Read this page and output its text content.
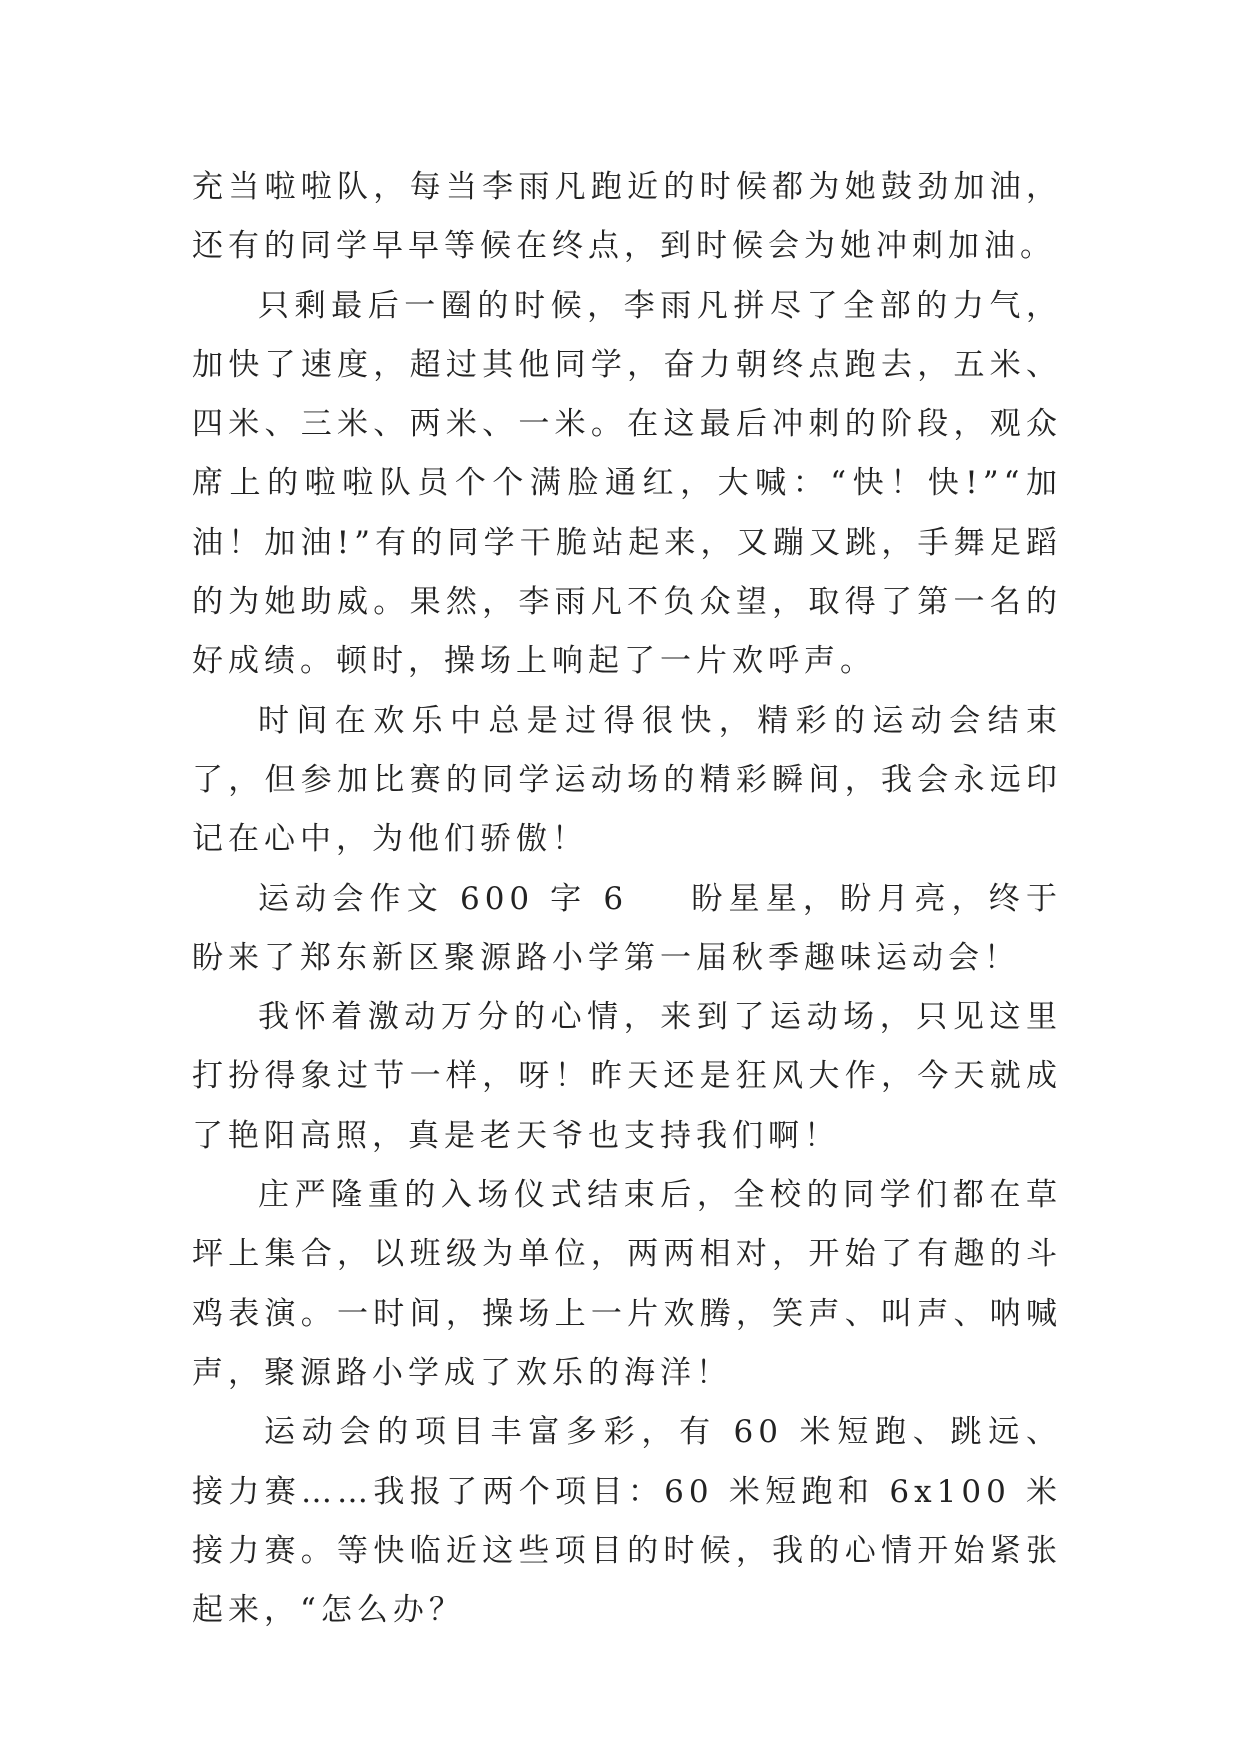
充当啦啦队，每当李雨凡跑近的时候都为她鼓劲加油，还有的同学早早等候在终点，到时候会为她冲刺加油。

只剩最后一圈的时候，李雨凡拼尽了全部的力气，加快了速度，超过其他同学，奋力朝终点跑去，五米、四米、三米、两米、一米。在这最后冲刺的阶段，观众席上的啦啦队员个个满脸通红，大喊：“快！快!”“加油！加油!”有的同学干脆站起来，又蹦又跳，手舞足蹈的为她助威。果然，李雨凡不负众望，取得了第一名的好成绩。顿时，操场上响起了一片欢呼声。

时间在欢乐中总是过得很快，精彩的运动会结束了，但参加比赛的同学运动场的精彩瞬间，我会永远印记在心中，为他们骄傲！

运动会作文 600 字 6 盼星星，盼月亮，终于盼来了郑东新区聚源路小学第一届秋季趣味运动会！

我怀着激动万分的心情，来到了运动场，只见这里打扮得象过节一样，呀！昨天还是狂风大作，今天就成了艳阳高照，真是老天爷也支持我们啊！

庄严隆重的入场仪式结束后，全校的同学们都在草坪上集合，以班级为单位，两两相对，开始了有趣的斗鸡表演。一时间，操场上一片欢腾，笑声、叫声、呐喊声，聚源路小学成了欢乐的海洋！

运动会的项目丰富多彩，有 60 米短跑、跳远、接力赛……我报了两个项目：60 米短跑和 6x100 米接力赛。等快临近这些项目的时候，我的心情开始紧张起来，“怎么办？
